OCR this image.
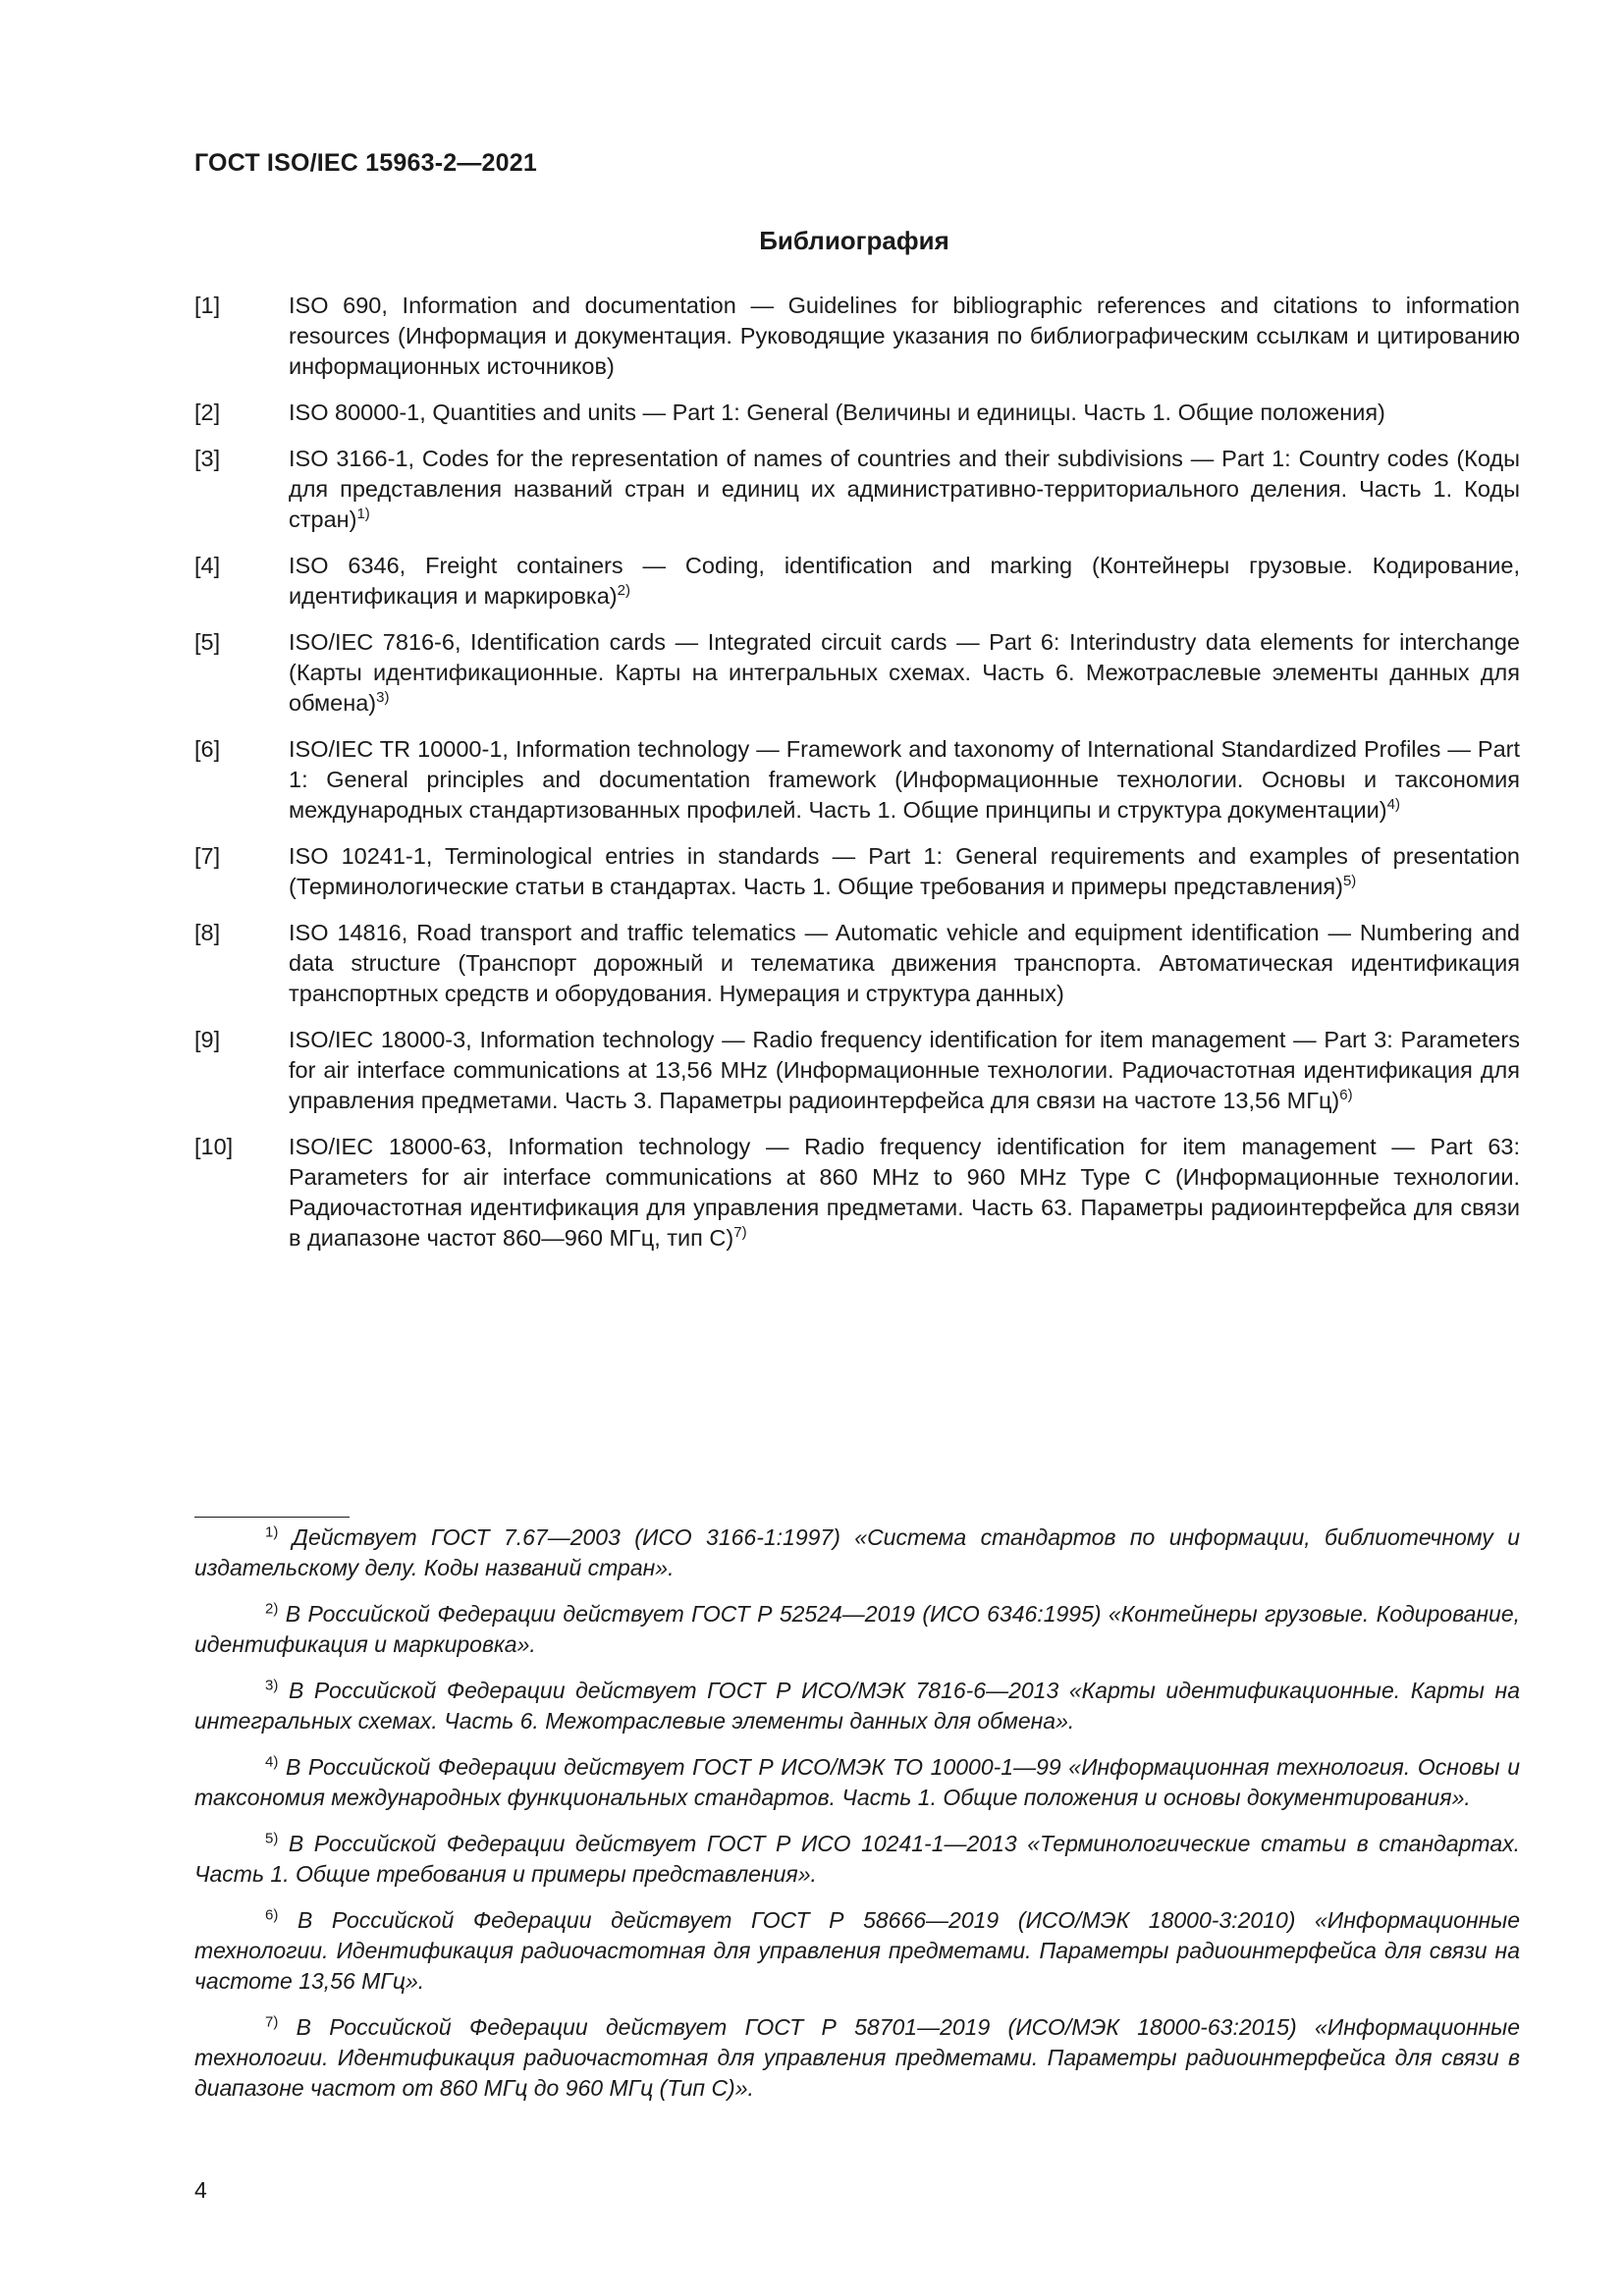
ГОСТ ISO/IEC 15963-2—2021
Библиография
[1]	ISO 690, Information and documentation — Guidelines for bibliographic references and citations to information resources (Информация и документация. Руководящие указания по библиографическим ссылкам и цитированию информационных источников)
[2]	ISO 80000-1, Quantities and units — Part 1: General (Величины и единицы. Часть 1. Общие положения)
[3]	ISO 3166-1, Codes for the representation of names of countries and their subdivisions — Part 1: Country codes (Коды для представления названий стран и единиц их административно-территориального деления. Часть 1. Коды стран)$^{1)}$
[4]	ISO 6346, Freight containers — Coding, identification and marking (Контейнеры грузовые. Кодирование, идентификация и маркировка)$^{2)}$
[5]	ISO/IEC 7816-6, Identification cards — Integrated circuit cards — Part 6: Interindustry data elements for interchange (Карты идентификационные. Карты на интегральных схемах. Часть 6. Межотраслевые элементы данных для обмена)$^{3)}$
[6]	ISO/IEC TR 10000-1, Information technology — Framework and taxonomy of International Standardized Profiles — Part 1: General principles and documentation framework (Информационные технологии. Основы и таксономия международных стандартизованных профилей. Часть 1. Общие принципы и структура документации)$^{4)}$
[7]	ISO 10241-1, Terminological entries in standards — Part 1: General requirements and examples of presentation (Терминологические статьи в стандартах. Часть 1. Общие требования и примеры представления)$^{5)}$
[8]	ISO 14816, Road transport and traffic telematics — Automatic vehicle and equipment identification — Numbering and data structure (Транспорт дорожный и телематика движения транспорта. Автоматическая идентификация транспортных средств и оборудования. Нумерация и структура данных)
[9]	ISO/IEC 18000-3, Information technology — Radio frequency identification for item management — Part 3: Parameters for air interface communications at 13,56 MHz (Информационные технологии. Радиочастотная идентификация для управления предметами. Часть 3. Параметры радиоинтерфейса для связи на частоте 13,56 МГц)$^{6)}$
[10]	ISO/IEC 18000-63, Information technology — Radio frequency identification for item management — Part 63: Parameters for air interface communications at 860 MHz to 960 MHz Type C (Информационные технологии. Радиочастотная идентификация для управления предметами. Часть 63. Параметры радиоинтерфейса для связи в диапазоне частот 860—960 МГц, тип С)$^{7)}$
$^{1)}$ Действует ГОСТ 7.67—2003 (ИСО 3166-1:1997) «Система стандартов по информации, библиотечному и издательскому делу. Коды названий стран».
$^{2)}$ В Российской Федерации действует ГОСТ Р 52524—2019 (ИСО 6346:1995) «Контейнеры грузовые. Кодирование, идентификация и маркировка».
$^{3)}$ В Российской Федерации действует ГОСТ Р ИСО/МЭК 7816-6—2013 «Карты идентификационные. Карты на интегральных схемах. Часть 6. Межотраслевые элементы данных для обмена».
$^{4)}$ В Российской Федерации действует ГОСТ Р ИСО/МЭК ТО 10000-1—99 «Информационная технология. Основы и таксономия международных функциональных стандартов. Часть 1. Общие положения и основы документирования».
$^{5)}$ В Российской Федерации действует ГОСТ Р ИСО 10241-1—2013 «Терминологические статьи в стандартах. Часть 1. Общие требования и примеры представления».
$^{6)}$ В Российской Федерации действует ГОСТ Р 58666—2019 (ИСО/МЭК 18000-3:2010) «Информационные технологии. Идентификация радиочастотная для управления предметами. Параметры радиоинтерфейса для связи на частоте 13,56 МГц».
$^{7)}$ В Российской Федерации действует ГОСТ Р 58701—2019 (ИСО/МЭК 18000-63:2015) «Информационные технологии. Идентификация радиочастотная для управления предметами. Параметры радиоинтерфейса для связи в диапазоне частот от 860 МГц до 960 МГц (Тип С)».
4
